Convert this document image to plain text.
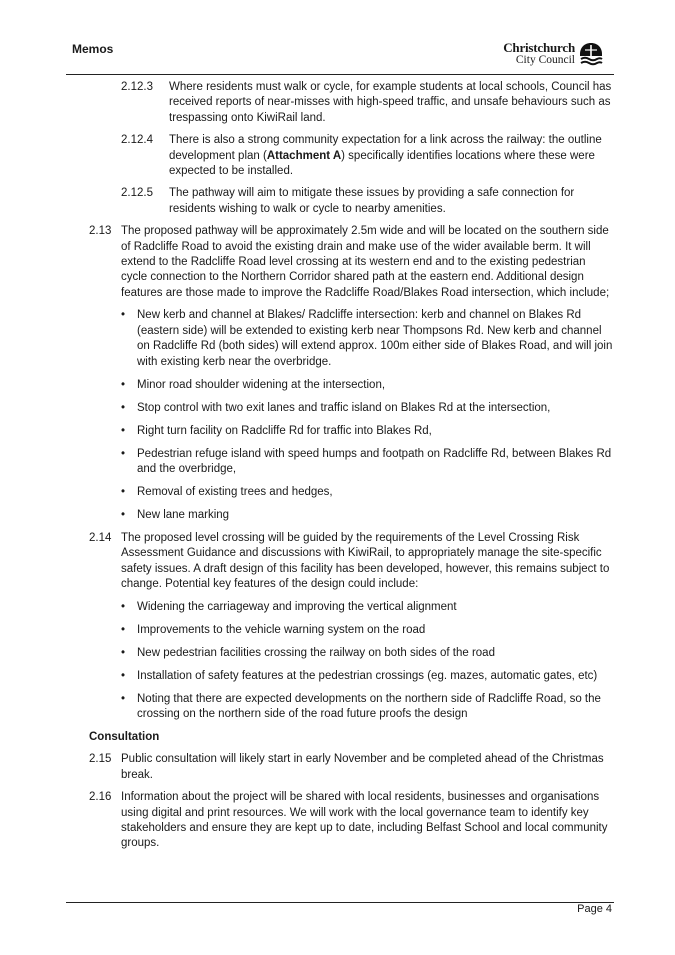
Memos	Christchurch
City Council
2.12.3 Where residents must walk or cycle, for example students at local schools, Council has received reports of near-misses with high-speed traffic, and unsafe behaviours such as trespassing onto KiwiRail land.
2.12.4 There is also a strong community expectation for a link across the railway: the outline development plan (Attachment A) specifically identifies locations where these were expected to be installed.
2.12.5 The pathway will aim to mitigate these issues by providing a safe connection for residents wishing to walk or cycle to nearby amenities.
2.13 The proposed pathway will be approximately 2.5m wide and will be located on the southern side of Radcliffe Road to avoid the existing drain and make use of the wider available berm. It will extend to the Radcliffe Road level crossing at its western end and to the existing pedestrian cycle connection to the Northern Corridor shared path at the eastern end. Additional design features are those made to improve the Radcliffe Road/Blakes Road intersection, which include;
• New kerb and channel at Blakes/ Radcliffe intersection: kerb and channel on Blakes Rd (eastern side) will be extended to existing kerb near Thompsons Rd. New kerb and channel on Radcliffe Rd (both sides) will extend approx. 100m either side of Blakes Road, and will join with existing kerb near the overbridge.
• Minor road shoulder widening at the intersection,
• Stop control with two exit lanes and traffic island on Blakes Rd at the intersection,
• Right turn facility on Radcliffe Rd for traffic into Blakes Rd,
• Pedestrian refuge island with speed humps and footpath on Radcliffe Rd, between Blakes Rd and the overbridge,
• Removal of existing trees and hedges,
• New lane marking
2.14 The proposed level crossing will be guided by the requirements of the Level Crossing Risk Assessment Guidance and discussions with KiwiRail, to appropriately manage the site-specific safety issues. A draft design of this facility has been developed, however, this remains subject to change. Potential key features of the design could include:
• Widening the carriageway and improving the vertical alignment
• Improvements to the vehicle warning system on the road
• New pedestrian facilities crossing the railway on both sides of the road
• Installation of safety features at the pedestrian crossings (eg. mazes, automatic gates, etc)
• Noting that there are expected developments on the northern side of Radcliffe Road, so the crossing on the northern side of the road future proofs the design
Consultation
2.15 Public consultation will likely start in early November and be completed ahead of the Christmas break.
2.16 Information about the project will be shared with local residents, businesses and organisations using digital and print resources. We will work with the local governance team to identify key stakeholders and ensure they are kept up to date, including Belfast School and local community groups.
Page 4
